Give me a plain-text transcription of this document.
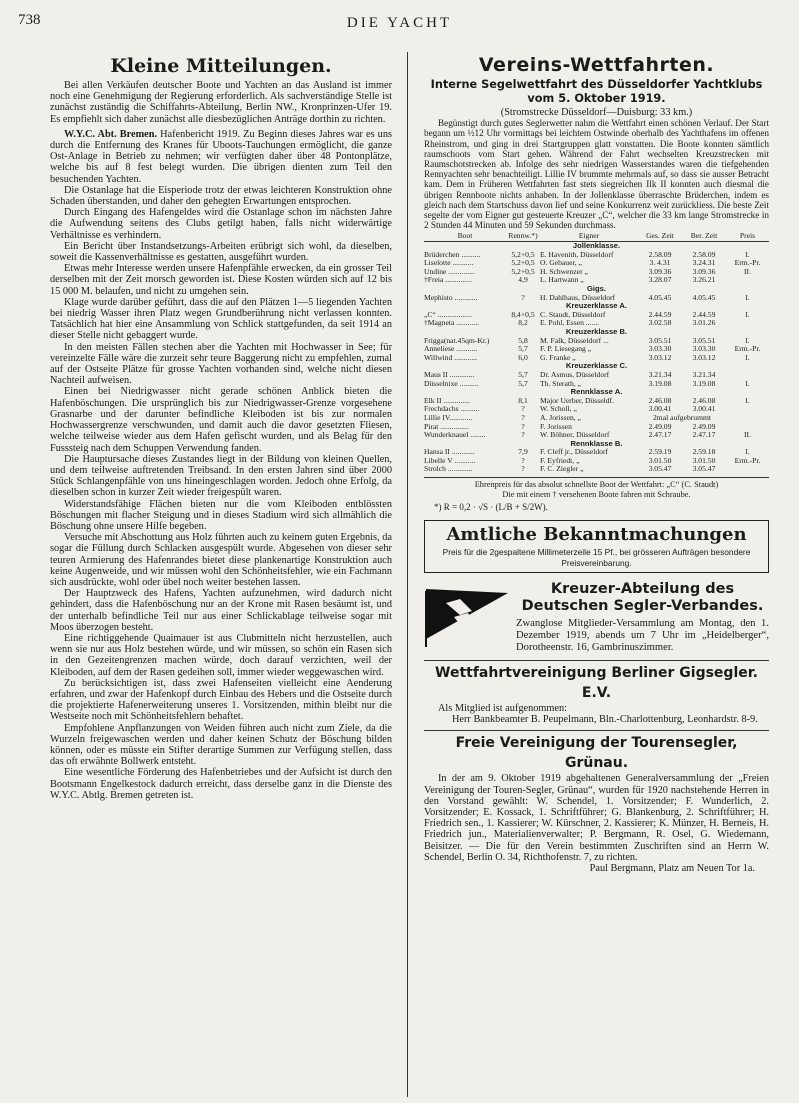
738	DIE YACHT
Kleine Mitteilungen.

Bei allen Verkäufen deutscher Boote und Yachten an das Ausland ist immer noch eine Genehmigung der Regierung erforderlich. Als sachverständige Stelle ist zunächst zuständig die Schiffahrts-Abteilung, Berlin NW., Kronprinzen-Ufer 19. Es empfiehlt sich daher zunächst alle diesbezüglichen Anträge dorthin zu richten.

W.Y.C. Abt. Bremen. Hafenbericht 1919. Zu Beginn dieses Jahres war es uns durch die Entfernung des Kranes für Uboots-Tauchungen ermöglicht, die ganze Ost-Anlage in Betrieb zu nehmen; wir verfügten daher über 48 Pontonplätze, welche bis auf 8 fest belegt wurden. Die übrigen dienten zum Teil den besuchenden Yachten.

Die Ostanlage hat die Eisperiode trotz der etwas leichteren Konstruktion ohne Schaden überstanden, und daher den gehegten Erwartungen entsprochen.

Durch Eingang des Hafengeldes wird die Ostanlage schon im nächsten Jahre die Aufwendung seitens des Clubs getilgt haben, falls nicht widerwärtige Verhältnisse es verhindern.

Ein Bericht über Instandsetzungs-Arbeiten erübrigt sich wohl, da dieselben, soweit die Kassenverhältnisse es gestatten, ausgeführt wurden.

Etwas mehr Interesse werden unsere Hafenpfähle erwecken, da ein grosser Teil derselben mit der Zeit morsch geworden ist. Diese Kosten würden sich auf 12 bis 15 000 M. belaufen, und nicht zu umgehen sein.

Klage wurde darüber geführt, dass die auf den Plätzen 1—5 liegenden Yachten bei niedrig Wasser ihren Platz wegen Grundberührung nicht verlassen konnten. Tatsächlich hat hier eine Ansammlung von Schlick stattgefunden, da seit 1914 an dieser Stelle nicht gebaggert wurde.

In den meisten Fällen stechen aber die Yachten mit Hochwasser in See; für vereinzelte Fälle wäre die zurzeit sehr teure Baggerung nicht zu empfehlen, zumal auf der Ostseite Plätze für grosse Yachten vorhanden sind, welche nicht diesen Nachteil aufweisen.

Einen bei Niedrigwasser nicht gerade schönen Anblick bieten die Hafenböschungen. Die ursprünglich bis zur Niedrigwasser-Grenze vorgesehene Grasnarbe und der darunter befindliche Kleiboden ist bis zur normalen Hochwassergrenze verschwunden, und damit auch die davor gesetzten Fliesen, welche teilweise wieder aus dem Hafen gefischt wurden, und als Belag für den Fusssteig nach dem Schuppen Verwendung fanden.

Die Hauptursache dieses Zustandes liegt in der Bildung von kleinen Quellen, und dem teilweise auftretenden Treibsand. In den ersten Jahren sind über 2000 Stück Schlangenpfähle von uns hineingeschlagen worden. Jedoch ohne Erfolg, da dieselben schon in kurzer Zeit wieder freigespült waren.

Widerstandsfähige Flächen bieten nur die vom Kleiboden entblössten Böschungen mit flacher Steigung und in dieses Stadium wird sich allmählich die Böschung ohne unsere Hilfe begeben.

Versuche mit Abschottung aus Holz führten auch zu keinem guten Ergebnis, da sogar die Füllung durch Schlacken ausgespült wurde. Abgesehen von dieser sehr teuren Armierung des Hafenrandes bietet diese plankenartige Konstruktion auch keine Augenweide, und wir müssen wohl den Schönheitsfehler, wie ein Fachmann sich ausdrückte, wohl oder übel noch weiter bestehen lassen.

Der Hauptzweck des Hafens, Yachten aufzunehmen, wird dadurch nicht gehindert, dass die Hafenböschung nur an der Krone mit Rasen besäumt ist, und der unterhalb befindliche Teil nur aus einer Schlickablage teilweise sogar mit Moos überzogen besteht.

Eine richtiggehende Quaimauer ist aus Clubmitteln nicht herzustellen, auch wenn sie nur aus Holz bestehen würde, und wir müssen, so schön ein Rasen sich in den Gezeitengrenzen machen würde, doch darauf verzichten, weil der Kleiboden, auf dem der Rasen gedeihen soll, immer wieder weggewaschen wird.

Zu berücksichtigen ist, dass zwei Hafenseiten vielleicht eine Aenderung erfahren, und zwar der Hafenkopf durch Einbau des Hebers und die Ostseite durch die projektierte Hafenerweiterung unseres 1. Vorsitzenden, mithin bleibt nur die Westseite noch mit Schönheitsfehlern behaftet.

Empfohlene Anpflanzungen von Weiden führen auch nicht zum Ziele, da die Wurzeln freigewaschen werden und daher keinen Schutz der Böschung bilden können, oder es müsste ein Stifter derartige Summen zur Verfügung stellen, dass das oft erwähnte Bollwerk entsteht.

Eine wesentliche Förderung des Hafenbetriebes und der Aufsicht ist durch den Bootsmann Engelkestock dadurch erreicht, dass derselbe ganz in die Dienste des W.Y.C. Abtlg. Bremen getreten ist.

Vereins-Wettfahrten.
Interne Segelwettfahrt des Düsseldorfer Yachtklubs vom 5. Oktober 1919.

(Stromstrecke Düsseldorf—Duisburg: 33 km.)

Begünstigt durch gutes Seglerwetter nahm die Wettfahrt einen schönen Verlauf. Der Start begann um ½12 Uhr vormittags bei leichtem Ostwinde oberhalb des Yachthafens im offenen Rheinstrom, und ging in drei Startgruppen glatt vonstatten. Die Boote konnten sämtlich raumschoots vom Start gehen. Während der Fahrt wechselten Kreuzstrecken mit Raumschotstrecken ab. Infolge des sehr niedrigen Wasserstandes waren die tiefgehenden Rennyachten sehr benachteiligt. Lillie IV brummte mehrmals auf, so dass sie ausser Betracht kam. Dem in Früheren Wettfahrten fast stets siegreichen Ilk II konnten auch diesmal die übrigen Rennboote nichts anhaben. In der Jollenklasse überraschte Brüderchen, indem es gleich nach dem Startschuss davon lief und seine Konkurrenz weit zurückliess. Die beste Zeit segelte der vom Eigner gut gesteuerte Kreuzer „C“, welcher die 33 km lange Stromstrecke in 2 Stunden 44 Minuten und 59 Sekunden durchmass.

Boot	Rennw.*)	Eigner	Ges. Zeit	Ber. Zeit	Preis
Jollenklasse.					
Brüderchen ..........	5,2+0,5	E. Havenith, Düsseldorf	2.58.09	2.58.09	I.
Liselotte ...........	5,2+0,5	O. Gebauer, „	3. 4.31	3.24.31	Erm.-Pr.
Undine ..............	5,2+0,5	H. Schwenzer „	3.09.36	3.09.36	II.
†Freia ..............	4,9	L. Hartwann „	3.28.07	3.26.21	
Gigs.					
Mephisto ............	?	H. Dahlhaus, Düsseldorf	4.05.45	4.05.45	I.
Kreuzerklasse A.					
„C“ ..................	8,4+0,5	C. Staudt, Düsseldorf	2.44.59	2.44.59	I.
†Magneta ............	8,2	E. Pohl, Essen .......	3.02.58	3.01.26	
Kreuzerklasse B.					
Frigga(nat.45qm-Kr.)	5,8	M. Falk, Düsseldorf ...	3.05.51	3.05.51	I.
Anneliese ...........	5,7	F. P. Liesegang „	3.03.30	3.03.30	Erm.-Pr.
Willwind ............	6,0	G. Franke „	3.03.12	3.03.12	I.
Kreuzerklasse C.					
Maus II .............	5,7	Dr. Asmus, Düsseldorf	3.21.34	3.21.34	
Düsselnixe ..........	5,7	Th. Sterath, „	3.19.08	3.19.08	I.
Rennklasse A.					
Elk II ..............	8,1	Major Uerber, Düsseldf.	2.46.08	2.46.08	I.
Frechdachs ..........	?	W. Scholl, „	3.00.41	3.00.41	
Lillie IV............	?	A. Jorissen, „	2mal aufgebrummt		
Pirat ...............	?	F. Jorissen	2.49.09	2.49.09	
Wunderknauel ........	?	W. Böhner, Düsseldorf	2.47.17	2.47.17	II.
Rennklasse B.					
Hansa II ............	7,9	F. Cleff jr., Düsseldorf	2.59.19	2.59.18	I.
Libelle V ...........	?	F. Eyfriedt, „	3.01.50	3.01.50	Erm.-Pr.
Strolch .............	?	F. C. Ziegler „	3.05.47	3.05.47	

Ehrenpreis für das absolut schnellste Boot der Wettfahrt: „C“ (C. Staudt)

Die mit einem † versehenen Boote fahren mit Schraube.

*) R = 0,2 · √S · (L/B + S/2W).

Amtliche Bekanntmachungen
Preis für die 2gespaltene Millimeterzeile 15 Pf., bei grösseren Aufträgen besondere Preisvereinbarung.
Kreuzer-Abteilung des Deutschen Segler-Verbandes.

Zwanglose Mitglieder-Versammlung am Montag, den 1. Dezember 1919, abends um 7 Uhr im „Heidelberger“, Dorotheenstr. 16, Gambrinuszimmer.

Wettfahrtvereinigung Berliner Gigsegler. E.V.

Als Mitglied ist aufgenommen:

Herr Bankbeamter B. Peupelmann, Bln.-Charlottenburg, Leonhardstr. 8-9.

Freie Vereinigung der Tourensegler, Grünau.

In der am 9. Oktober 1919 abgehaltenen Generalversammlung der „Freien Vereinigung der Touren-Segler, Grünau“, wurden für 1920 nachstehende Herren in den Vorstand gewählt: W. Schendel, 1. Vorsitzender; F. Wunderlich, 2. Vorsitzender; E. Kossack, 1. Schriftführer; G. Blankenburg, 2. Schriftführer; H. Friedrich sen., 1. Kassierer; W. Kürschner, 2. Kassierer; K. Münzer, H. Berneis, H. Friedrich jun., Materialienverwalter; P. Bergmann, R. Osel, G. Wiedemann, Beisitzer. — Die für den Verein bestimmten Zuschriften sind an Herrn W. Schendel, Berlin O. 34, Richthofenstr. 7, zu richten.

Paul Bergmann, Platz am Neuen Tor 1a.
